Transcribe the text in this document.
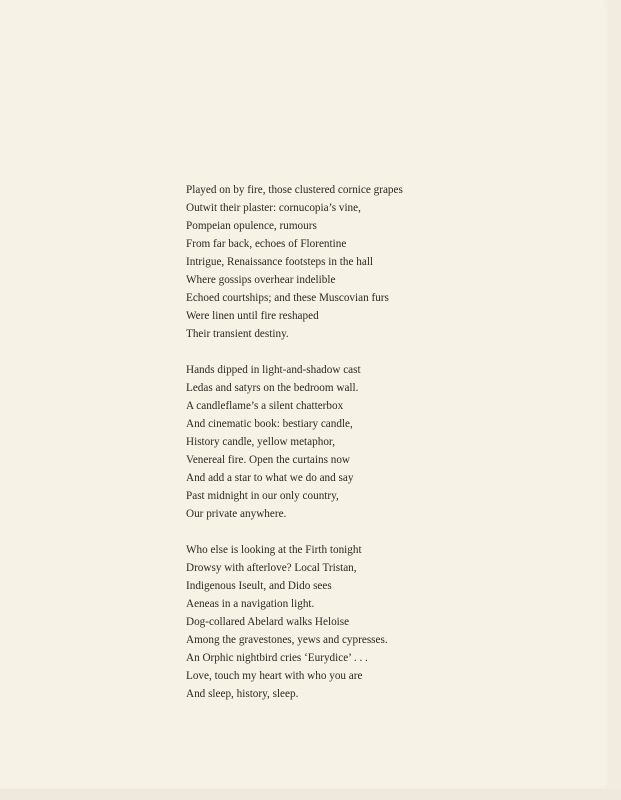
Played on by fire, those clustered cornice grapes
Outwit their plaster: cornucopia’s vine,
Pompeian opulence, rumours
From far back, echoes of Florentine
Intrigue, Renaissance footsteps in the hall
Where gossips overhear indelible
Echoed courtships; and these Muscovian furs
Were linen until fire reshaped
Their transient destiny.
Hands dipped in light-and-shadow cast
Ledas and satyrs on the bedroom wall.
A candleflame’s a silent chatterbox
And cinematic book: bestiary candle,
History candle, yellow metaphor,
Venereal fire. Open the curtains now
And add a star to what we do and say
Past midnight in our only country,
Our private anywhere.
Who else is looking at the Firth tonight
Drowsy with afterlove? Local Tristan,
Indigenous Iseult, and Dido sees
Aeneas in a navigation light.
Dog-collared Abelard walks Heloise
Among the gravestones, yews and cypresses.
An Orphic nightbird cries ‘Eurydice’ . . .
Love, touch my heart with who you are
And sleep, history, sleep.
